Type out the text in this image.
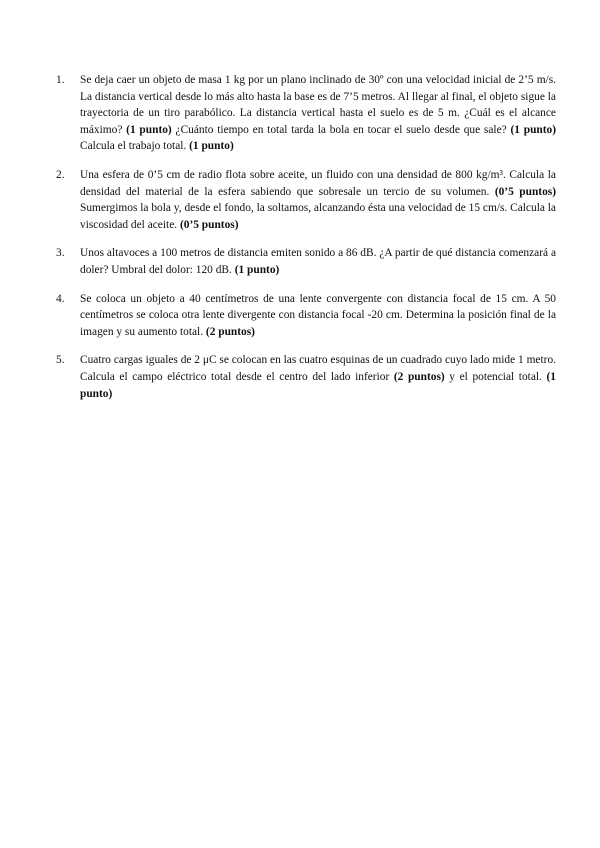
1. Se deja caer un objeto de masa 1 kg por un plano inclinado de 30º con una velocidad inicial de 2’5 m/s. La distancia vertical desde lo más alto hasta la base es de 7’5 metros. Al llegar al final, el objeto sigue la trayectoria de un tiro parabólico. La distancia vertical hasta el suelo es de 5 m. ¿Cuál es el alcance máximo? (1 punto) ¿Cuánto tiempo en total tarda la bola en tocar el suelo desde que sale? (1 punto) Calcula el trabajo total. (1 punto)
2. Una esfera de 0’5 cm de radio flota sobre aceite, un fluido con una densidad de 800 kg/m³. Calcula la densidad del material de la esfera sabiendo que sobresale un tercio de su volumen. (0’5 puntos) Sumergimos la bola y, desde el fondo, la soltamos, alcanzando ésta una velocidad de 15 cm/s. Calcula la viscosidad del aceite. (0’5 puntos)
3. Unos altavoces a 100 metros de distancia emiten sonido a 86 dB. ¿A partir de qué distancia comenzará a doler? Umbral del dolor: 120 dB. (1 punto)
4. Se coloca un objeto a 40 centímetros de una lente convergente con distancia focal de 15 cm. A 50 centímetros se coloca otra lente divergente con distancia focal -20 cm. Determina la posición final de la imagen y su aumento total. (2 puntos)
5. Cuatro cargas iguales de 2 μC se colocan en las cuatro esquinas de un cuadrado cuyo lado mide 1 metro. Calcula el campo eléctrico total desde el centro del lado inferior (2 puntos) y el potencial total. (1 punto)
